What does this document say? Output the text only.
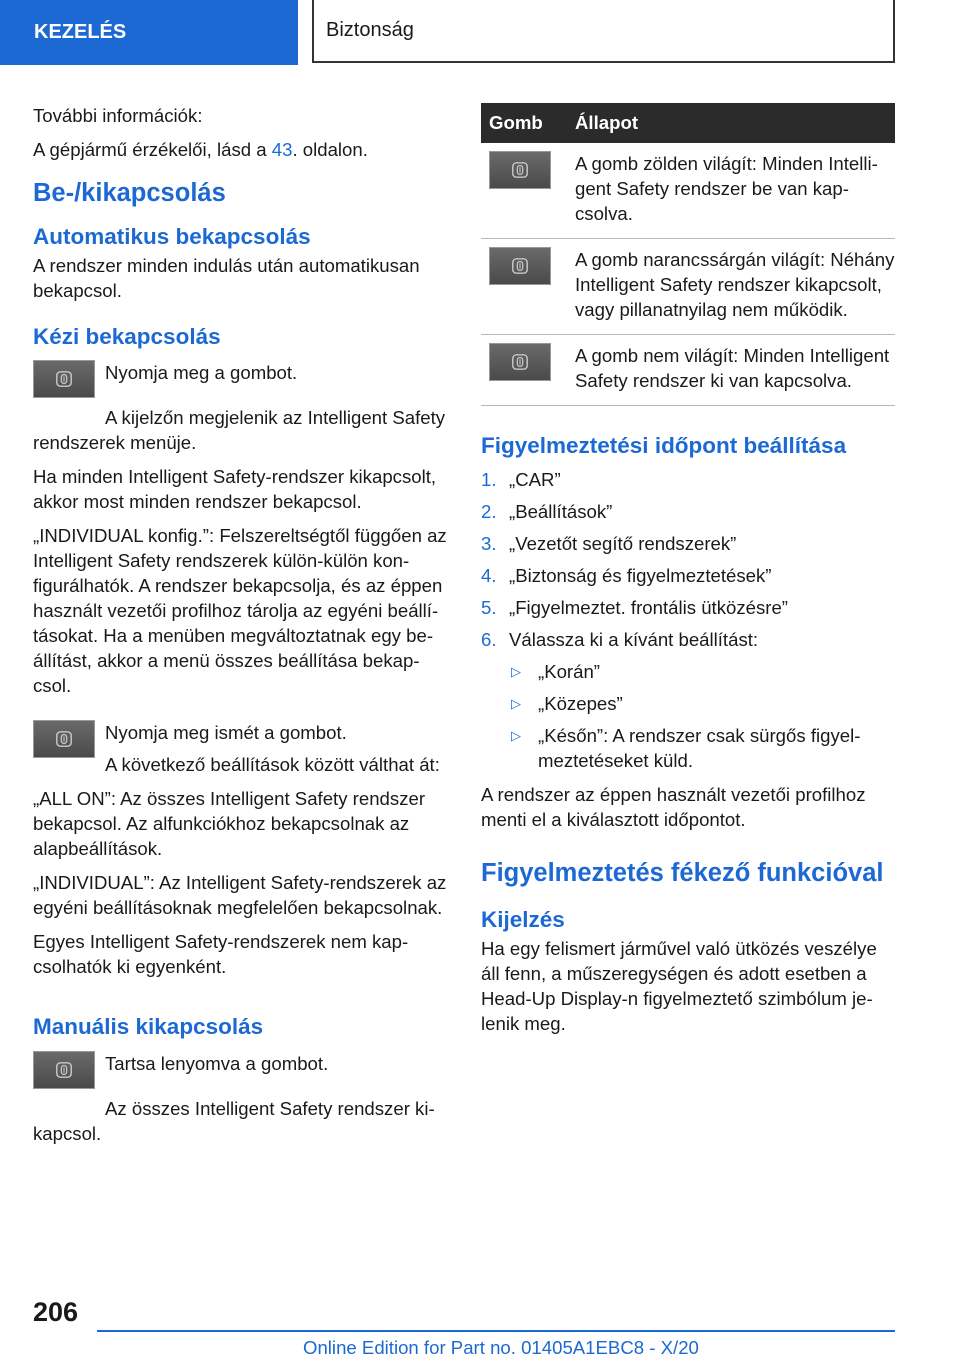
KEZELÉS	Biztonság

További információk:

A gépjármű érzékelői, lásd a 43. oldalon.

Be-/kikapcsolás
Automatikus bekapcsolás

A rendszer minden indulás után automatikusan bekapcsol.

Kézi bekapcsolás

Nyomja meg a gombot.

A kijelzőn megjelenik az Intelligent Safety rendszerek menüje.

Ha minden Intelligent Safety-rendszer kikapcsolt, akkor most minden rendszer bekapcsol.

„INDIVIDUAL konfig.”: Felszereltségtől függően az Intelligent Safety rendszerek külön-külön konfigurálhatók. A rendszer bekapcsolja, és az éppen használt vezetői profilhoz tárolja az egyéni beállításokat. Ha a menüben megváltoztatnak egy beállítást, akkor a menü összes beállítása bekapcsol.

Nyomja meg ismét a gombot.

A következő beállítások között válthat át:

„ALL ON”: Az összes Intelligent Safety rendszer bekapcsol. Az alfunkciókhoz bekapcsolnak az alapbeállítások.

„INDIVIDUAL”: Az Intelligent Safety-rendszerek az egyéni beállításoknak megfelelően bekapcsolnak.

Egyes Intelligent Safety-rendszerek nem kapcsolhatók ki egyenként.

Manuális kikapcsolás

Tartsa lenyomva a gombot.

Az összes Intelligent Safety rendszer kikapcsol.

Gomb	Állapot

	A gomb zölden világít: Minden Intelligent Safety rendszer be van kapcsolva.

	A gomb narancssárgán világít: Néhány Intelligent Safety rendszer kikapcsolt, vagy pillanatnyilag nem működik.

	A gomb nem világít: Minden Intelligent Safety rendszer ki van kapcsolva.
Figyelmeztetési időpont beállítása
1. „CAR”
2. „Beállítások”
3. „Vezetőt segítő rendszerek”
4. „Biztonság és figyelmeztetések”
5. „Figyelmeztet. frontális ütközésre”
6. Válassza ki a kívánt beállítást:
▷ „Korán”
▷ „Közepes”
▷ „Későn”: A rendszer csak sürgős figyelmeztetéseket küld.

A rendszer az éppen használt vezetői profilhoz menti el a kiválasztott időpontot.

Figyelmeztetés fékező funkcióval
Kijelzés

Ha egy felismert járművel való ütközés veszélye áll fenn, a műszeregységen és adott esetben a Head-Up Display-n figyelmeztető szimbólum jelenik meg.

206
Online Edition for Part no. 01405A1EBC8 - X/20
